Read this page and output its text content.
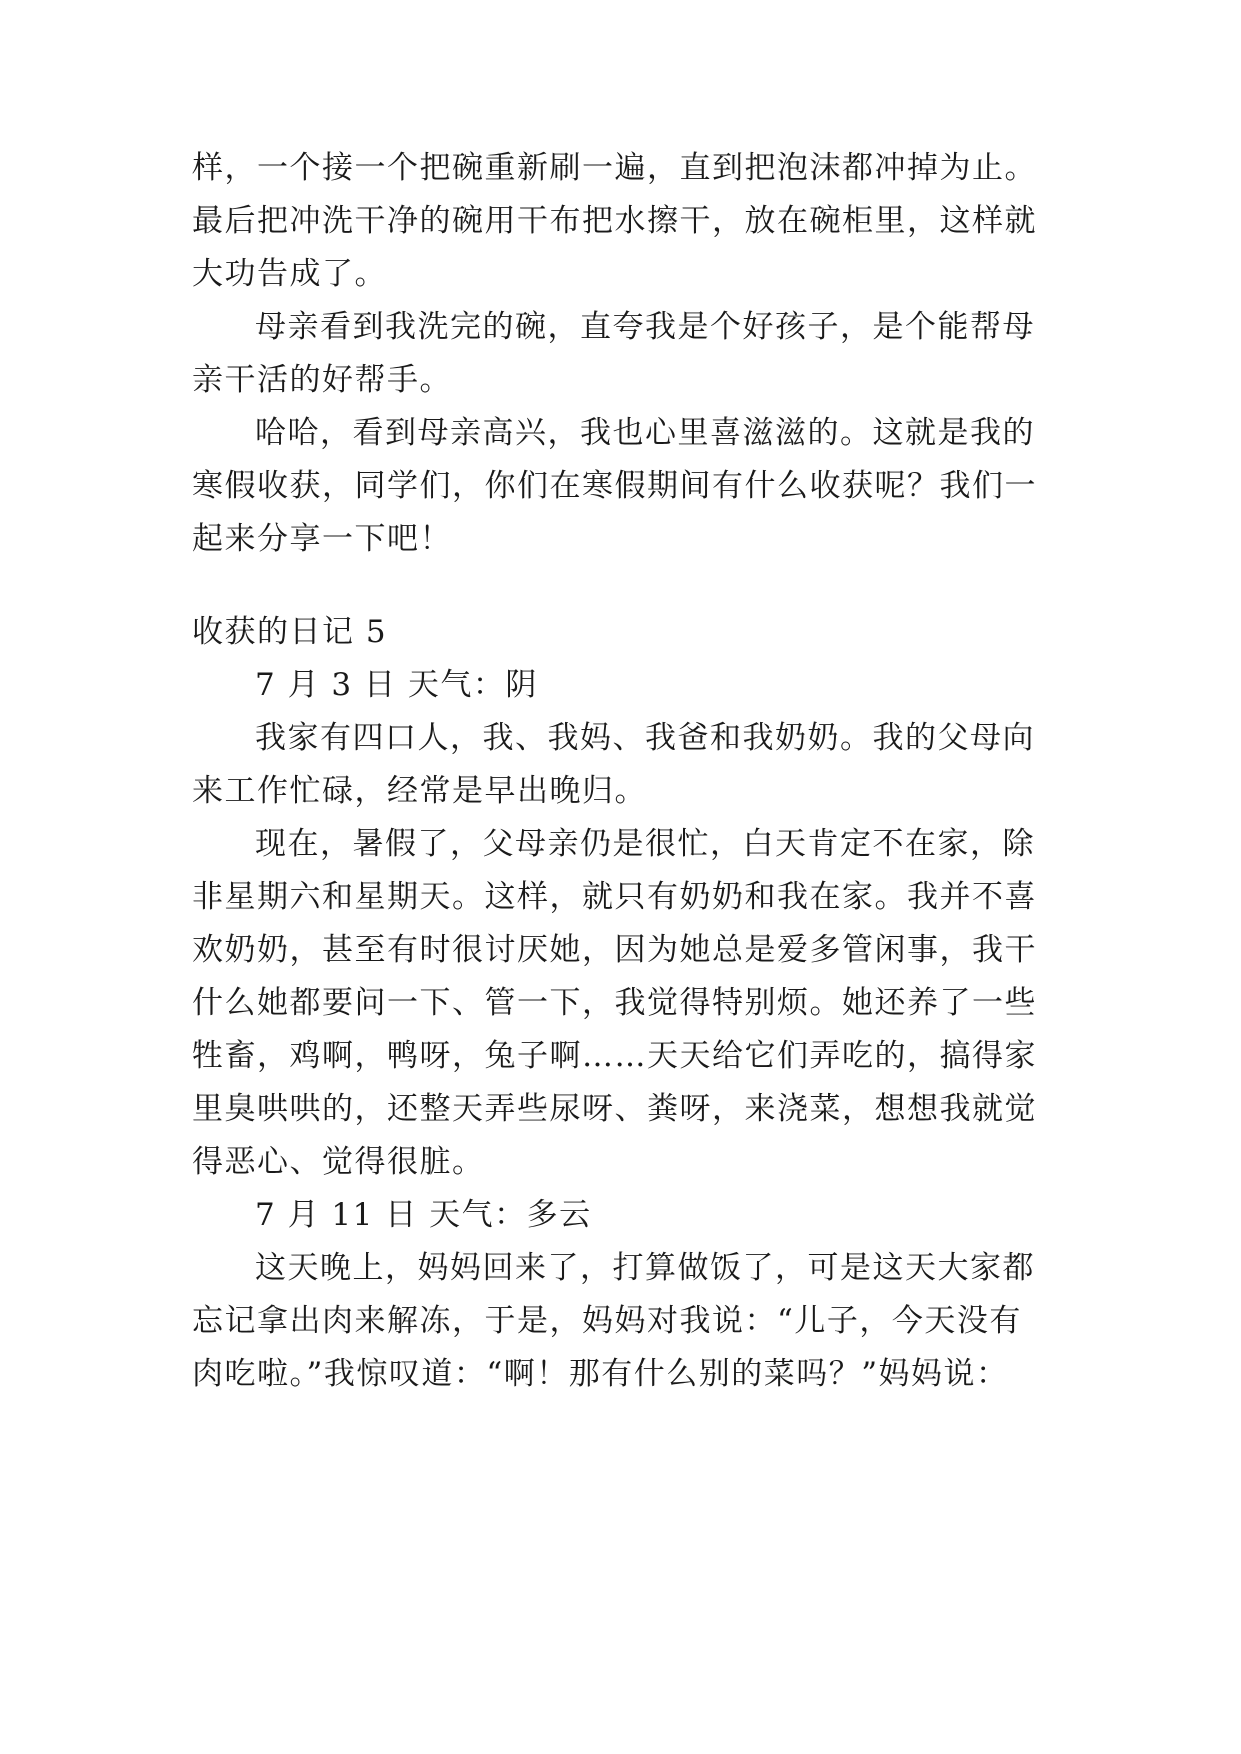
样，一个接一个把碗重新刷一遍，直到把泡沫都冲掉为止。
最后把冲洗干净的碗用干布把水擦干，放在碗柜里，这样就
大功告成了。
母亲看到我洗完的碗，直夸我是个好孩子，是个能帮母
亲干活的好帮手。
哈哈，看到母亲高兴，我也心里喜滋滋的。这就是我的
寒假收获，同学们，你们在寒假期间有什么收获呢？我们一
起来分享一下吧！
收获的日记 5
7 月 3 日 天气：阴
我家有四口人，我、我妈、我爸和我奶奶。我的父母向
来工作忙碌，经常是早出晚归。
现在，暑假了，父母亲仍是很忙，白天肯定不在家，除
非星期六和星期天。这样，就只有奶奶和我在家。我并不喜
欢奶奶，甚至有时很讨厌她，因为她总是爱多管闲事，我干
什么她都要问一下、管一下，我觉得特别烦。她还养了一些
牲畜，鸡啊，鸭呀，兔子啊……天天给它们弄吃的，搞得家
里臭哄哄的，还整天弄些尿呀、粪呀，来浇菜，想想我就觉
得恶心、觉得很脏。
7 月 11 日 天气：多云
这天晚上，妈妈回来了，打算做饭了，可是这天大家都
忘记拿出肉来解冻，于是，妈妈对我说：“儿子，今天没有
肉吃啦。”我惊叹道：“啊！那有什么别的菜吗？”妈妈说：
